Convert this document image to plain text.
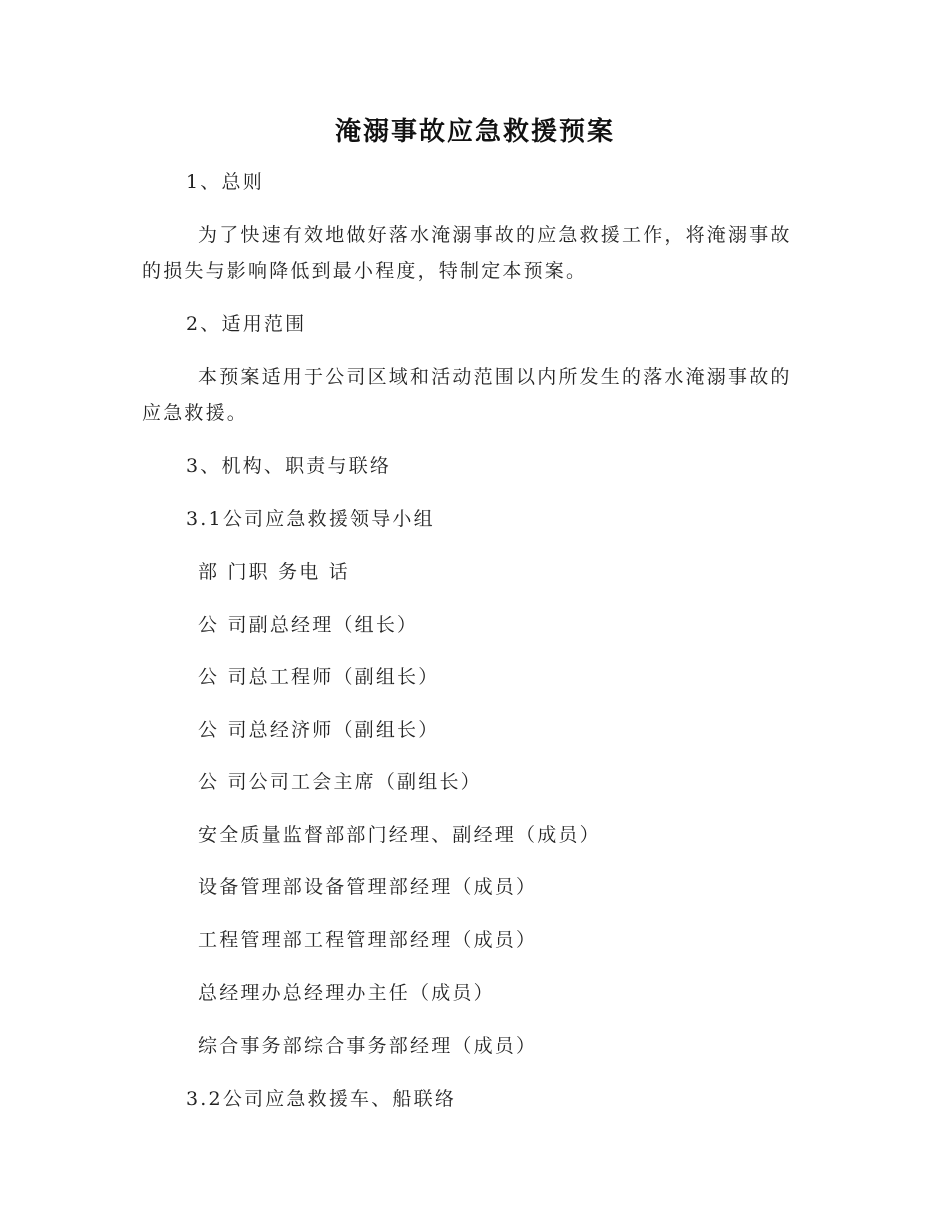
淹溺事故应急救援预案
1、总则
为了快速有效地做好落水淹溺事故的应急救援工作，将淹溺事故
的损失与影响降低到最小程度，特制定本预案。
2、适用范围
本预案适用于公司区域和活动范围以内所发生的落水淹溺事故的
应急救援。
3、机构、职责与联络
3.1公司应急救援领导小组
部 门职 务电 话
公 司副总经理（组长）
公 司总工程师（副组长）
公 司总经济师（副组长）
公 司公司工会主席（副组长）
安全质量监督部部门经理、副经理（成员）
设备管理部设备管理部经理（成员）
工程管理部工程管理部经理（成员）
总经理办总经理办主任（成员）
综合事务部综合事务部经理（成员）
3.2公司应急救援车、船联络
